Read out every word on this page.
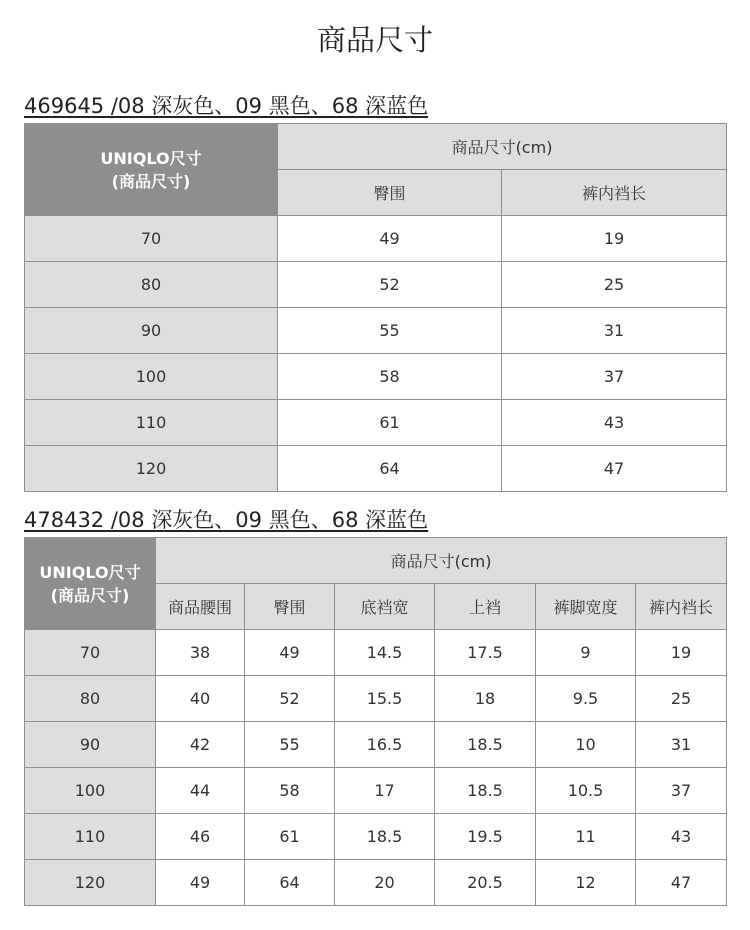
商品尺寸
469645 /08 深灰色、09 黑色、68 深蓝色
UNIQLO尺寸
(商品尺寸)	商品尺寸(cm)	
	臀围	裤内裆长
70	49	19
80	52	25
90	55	31
100	58	37
110	61	43
120	64	47
478432 /08 深灰色、09 黑色、68 深蓝色
UNIQLO尺寸
(商品尺寸)	商品尺寸(cm)					
	商品腰围	臀围	底裆宽	上裆	裤脚宽度	裤内裆长
70	38	49	14.5	17.5	9	19
80	40	52	15.5	18	9.5	25
90	42	55	16.5	18.5	10	31
100	44	58	17	18.5	10.5	37
110	46	61	18.5	19.5	11	43
120	49	64	20	20.5	12	47
